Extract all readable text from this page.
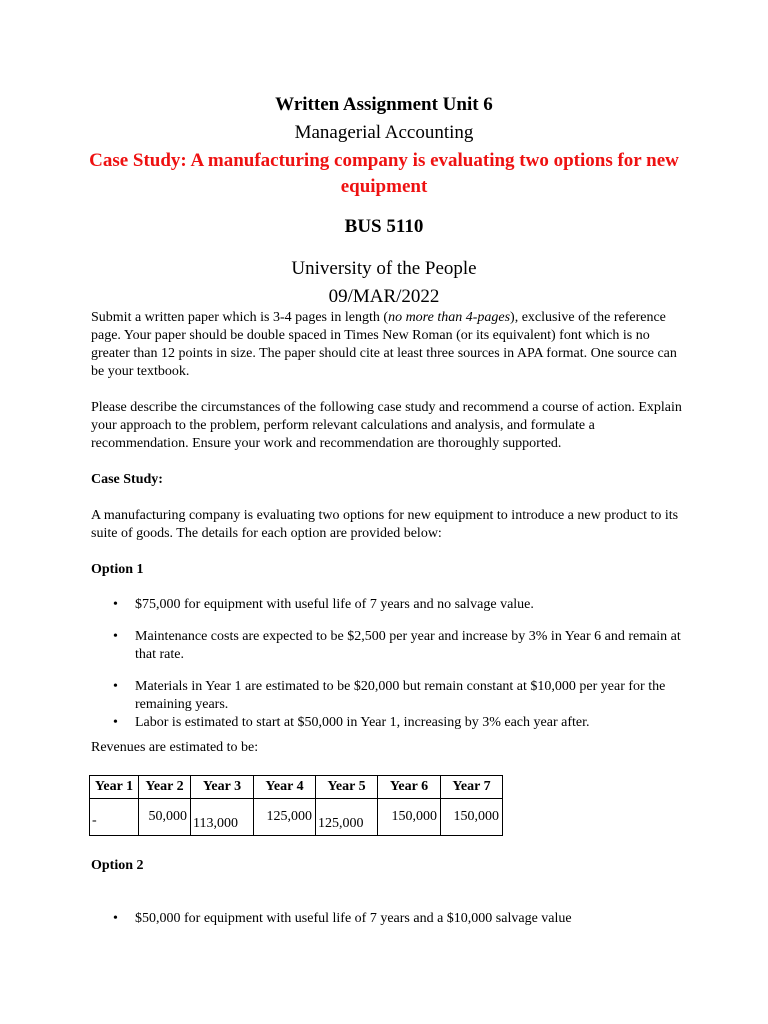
Written Assignment Unit 6
Managerial Accounting
Case Study: A manufacturing company is evaluating two options for new equipment
BUS 5110
University of the People
09/MAR/2022
Submit a written paper which is 3-4 pages in length (no more than 4-pages), exclusive of the reference page. Your paper should be double spaced in Times New Roman (or its equivalent) font which is no greater than 12 points in size. The paper should cite at least three sources in APA format. One source can be your textbook.
Please describe the circumstances of the following case study and recommend a course of action. Explain your approach to the problem, perform relevant calculations and analysis, and formulate a recommendation. Ensure your work and recommendation are thoroughly supported.
Case Study:
A manufacturing company is evaluating two options for new equipment to introduce a new product to its suite of goods. The details for each option are provided below:
Option 1
• $75,000 for equipment with useful life of 7 years and no salvage value.
• Maintenance costs are expected to be $2,500 per year and increase by 3% in Year 6 and remain at that rate.
• Materials in Year 1 are estimated to be $20,000 but remain constant at $10,000 per year for the remaining years.
• Labor is estimated to start at $50,000 in Year 1, increasing by 3% each year after.
Revenues are estimated to be:
Year 1	Year 2	Year 3	Year 4	Year 5	Year 6	Year 7

-	50,000	113,000	125,000	125,000	150,000	150,000
Option 2
• $50,000 for equipment with useful life of 7 years and a $10,000 salvage value
